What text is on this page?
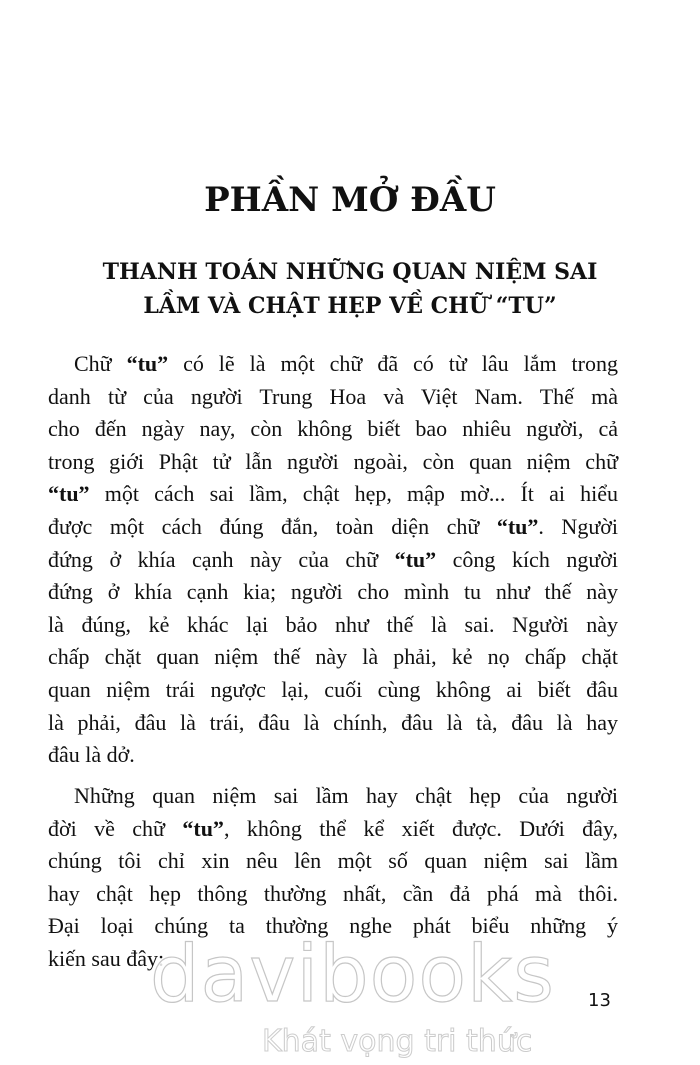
PHẦN MỞ ĐẦU
THANH TOÁN NHỮNG QUAN NIỆM SAI
LẦM VÀ CHẬT HẸP VỀ CHỮ “TU”
Chữ “tu” có lẽ là một chữ đã có từ lâu lắm trong
danh từ của người Trung Hoa và Việt Nam. Thế mà
cho đến ngày nay, còn không biết bao nhiêu người, cả
trong giới Phật tử lẫn người ngoài, còn quan niệm chữ
“tu” một cách sai lầm, chật hẹp, mập mờ... Ít ai hiểu
được một cách đúng đắn, toàn diện chữ “tu”. Người
đứng ở khía cạnh này của chữ “tu” công kích người
đứng ở khía cạnh kia; người cho mình tu như thế này
là đúng, kẻ khác lại bảo như thế là sai. Người này
chấp chặt quan niệm thế này là phải, kẻ nọ chấp chặt
quan niệm trái ngược lại, cuối cùng không ai biết đâu
là phải, đâu là trái, đâu là chính, đâu là tà, đâu là hay
đâu là dở.
Những quan niệm sai lầm hay chật hẹp của người
đời về chữ “tu”, không thể kể xiết được. Dưới đây,
chúng tôi chỉ xin nêu lên một số quan niệm sai lầm
hay chật hẹp thông thường nhất, cần đả phá mà thôi.
Đại loại chúng ta thường nghe phát biểu những ý
kiến sau đây:
13
davibooks
Khát vọng tri thức
